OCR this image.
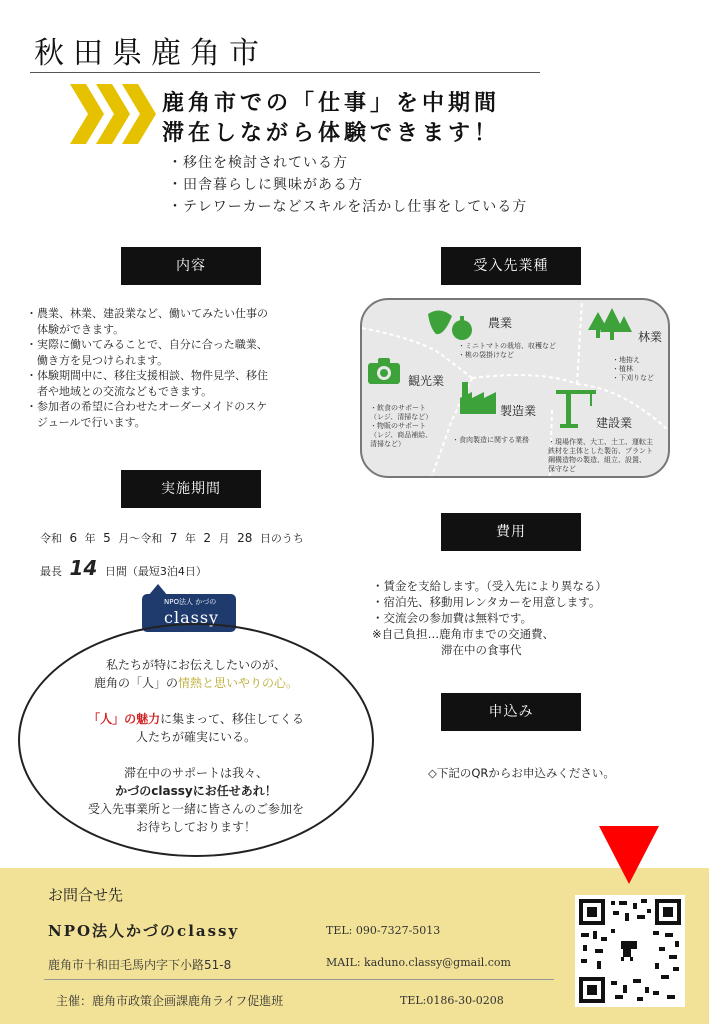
秋田県鹿角市
鹿角市での「仕事」を中期間
滞在しながら体験できます！
・移住を検討されている方
・田舎暮らしに興味がある方
・テレワーカーなどスキルを活かし仕事をしている方
内容
・農業、林業、建設業など、働いてみたい仕事の
　体験ができます。
・実際に働いてみることで、自分に合った職業、
　働き方を見つけられます。
・体験期間中に、移住支援相談、物件見学、移住
　者や地域との交流などもできます。
・参加者の希望に合わせたオーダーメイドのスケ
　ジュールで行います。
受入先業種
農業
・ミニトマトの栽培、収穫など
・桃の袋掛けなど
林業
・地拵え
・植林
・下刈りなど
観光業
・飲食のサポート
（レジ、清掃など）
・物販のサポート
（レジ、商品補給、
清掃など）
製造業
・食肉製造に関する業務
建設業
・現場作業、大工、土工、運転主
鉄材を主体とした製缶、プラント
鋼構造物の製造、組立、設置、
保守など
実施期間
令和 6 年 5 月～令和 7 年 2 月 28 日のうち
最長 14 日間（最短3泊4日）
NPO法人 かづの
classy
私たちが特にお伝えしたいのが、
鹿角の「人」の情熱と思いやりの心。
「人」の魅力に集まって、移住してくる
人たちが確実にいる。
滞在中のサポートは我々、
かづのclassyにお任せあれ！
受入先事業所と一緒に皆さんのご参加を
お待ちしております！
費用
・賃金を支給します。（受入先により異なる）
・宿泊先、移動用レンタカーを用意します。
・交流会の参加費は無料です。
※自己負担…鹿角市までの交通費、
　　　　　　滞在中の食事代
申込み
◇下記のQRからお申込みください。
お問合せ先
NPO法人かづのclassy	TEL: 090-7327-5013
鹿角市十和田毛馬内字下小路51-8	MAIL: kaduno.classy@gmail.com
主催：鹿角市政策企画課鹿角ライフ促進班	TEL:0186-30-0208
